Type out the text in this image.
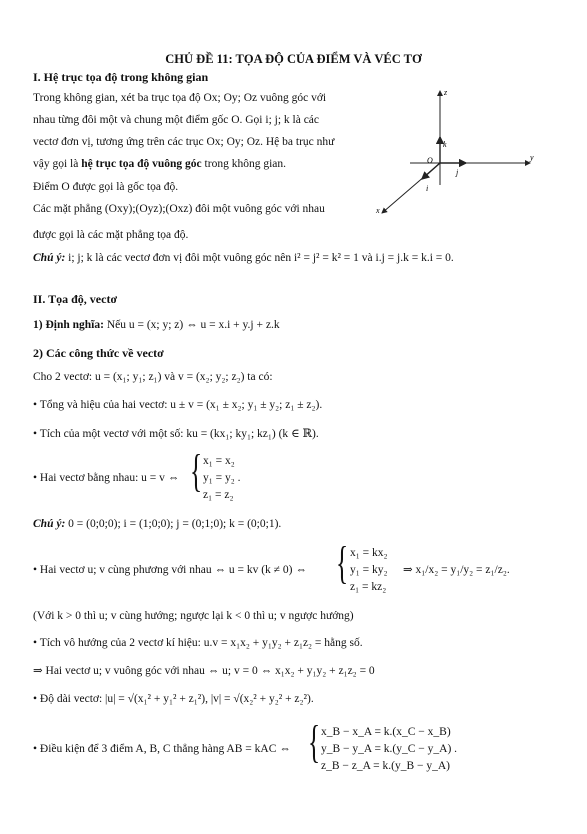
CHỦ ĐỀ 11: TỌA ĐỘ CỦA ĐIỂM VÀ VÉC TƠ
I. Hệ trục tọa độ trong không gian
Trong không gian, xét ba trục tọa độ Ox; Oy; Oz vuông góc với
nhau từng đôi một và chung một điểm gốc O. Gọi i; j; k là các
vectơ đơn vị, tương ứng trên các trục Ox; Oy; Oz. Hệ ba trục như
vậy gọi là hệ trục tọa độ vuông góc trong không gian.
Điểm O được gọi là gốc tọa độ.
Các mặt phẳng (Oxy);(Oyz);(Oxz) đôi một vuông góc với nhau
được gọi là các mặt phẳng tọa độ.
Chú ý: i; j; k là các vectơ đơn vị đôi một vuông góc nên i² = j² = k² = 1 và i.j = j.k = k.i = 0.
z
y
x
O
k
j
i
II. Tọa độ, vectơ
1) Định nghĩa: Nếu u = (x; y; z) ⇔ u = x.i + y.j + z.k
2) Các công thức về vectơ
Cho 2 vectơ: u = (x₁; y₁; z₁) và v = (x₂; y₂; z₂) ta có:
• Tổng và hiệu của hai vectơ: u ± v = (x₁ ± x₂; y₁ ± y₂; z₁ ± z₂).
• Tích của một vectơ với một số: ku = (kx₁; ky₁; kz₁) (k ∈ ℝ).
• Hai vectơ bằng nhau: u = v ⇔ { x₁ = x₂
y₁ = y₂ .
z₁ = z₂
Chú ý: 0 = (0;0;0); i = (1;0;0); j = (0;1;0); k = (0;0;1).
• Hai vectơ u; v cùng phương với nhau ⇔ u = kv (k ≠ 0) ⇔ { x₁ = kx₂
y₁ = ky₂
z₁ = kz₂
⇒ x₁/x₂ = y₁/y₂ = z₁/z₂.
(Với k > 0 thì u; v cùng hướng; ngược lại k < 0 thì u; v ngược hướng)
• Tích vô hướng của 2 vectơ kí hiệu: u.v = x₁x₂ + y₁y₂ + z₁z₂ = hằng số.
⇒ Hai vectơ u; v vuông góc với nhau ⇔ u; v = 0 ⇔ x₁x₂ + y₁y₂ + z₁z₂ = 0
• Độ dài vectơ: |u| = √(x₁² + y₁² + z₁²), |v| = √(x₂² + y₂² + z₂²).
• Điều kiện để 3 điểm A, B, C thẳng hàng AB = kAC ⇔ { x_B − x_A = k.(x_C − x_B)
y_B − y_A = k.(y_C − y_A) .
z_B − z_A = k.(y_B − y_A)
